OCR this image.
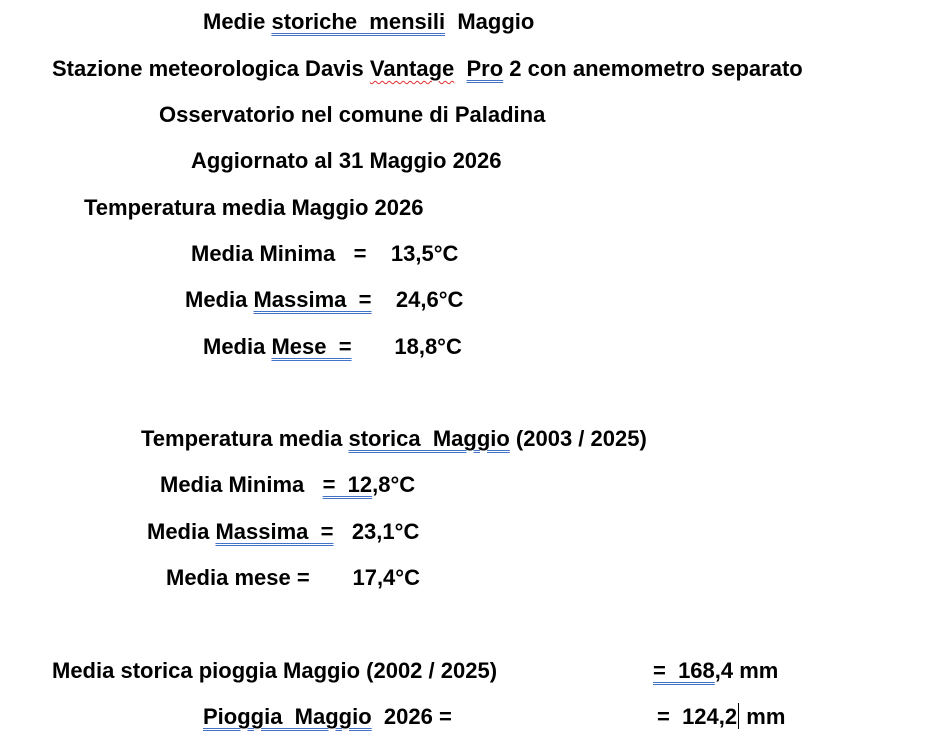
Medie storiche  mensili  Maggio
Stazione meteorologica Davis Vantage Pro 2 con anemometro separato
Osservatorio nel comune di Paladina
Aggiornato al 31 Maggio 2026
Temperatura media Maggio 2026
Media Minima   =    13,5°C
Media Massima  =    24,6°C
Media Mese  =       18,8°C
Temperatura media storica  Maggio (2003 / 2025)
Media Minima   =  12,8°C
Media Massima  =   23,1°C
Media mese =       17,4°C
Media storica pioggia Maggio (2002 / 2025)	=  168,4 mm
Pioggia  Maggio  2026 =	=  124,2 mm
